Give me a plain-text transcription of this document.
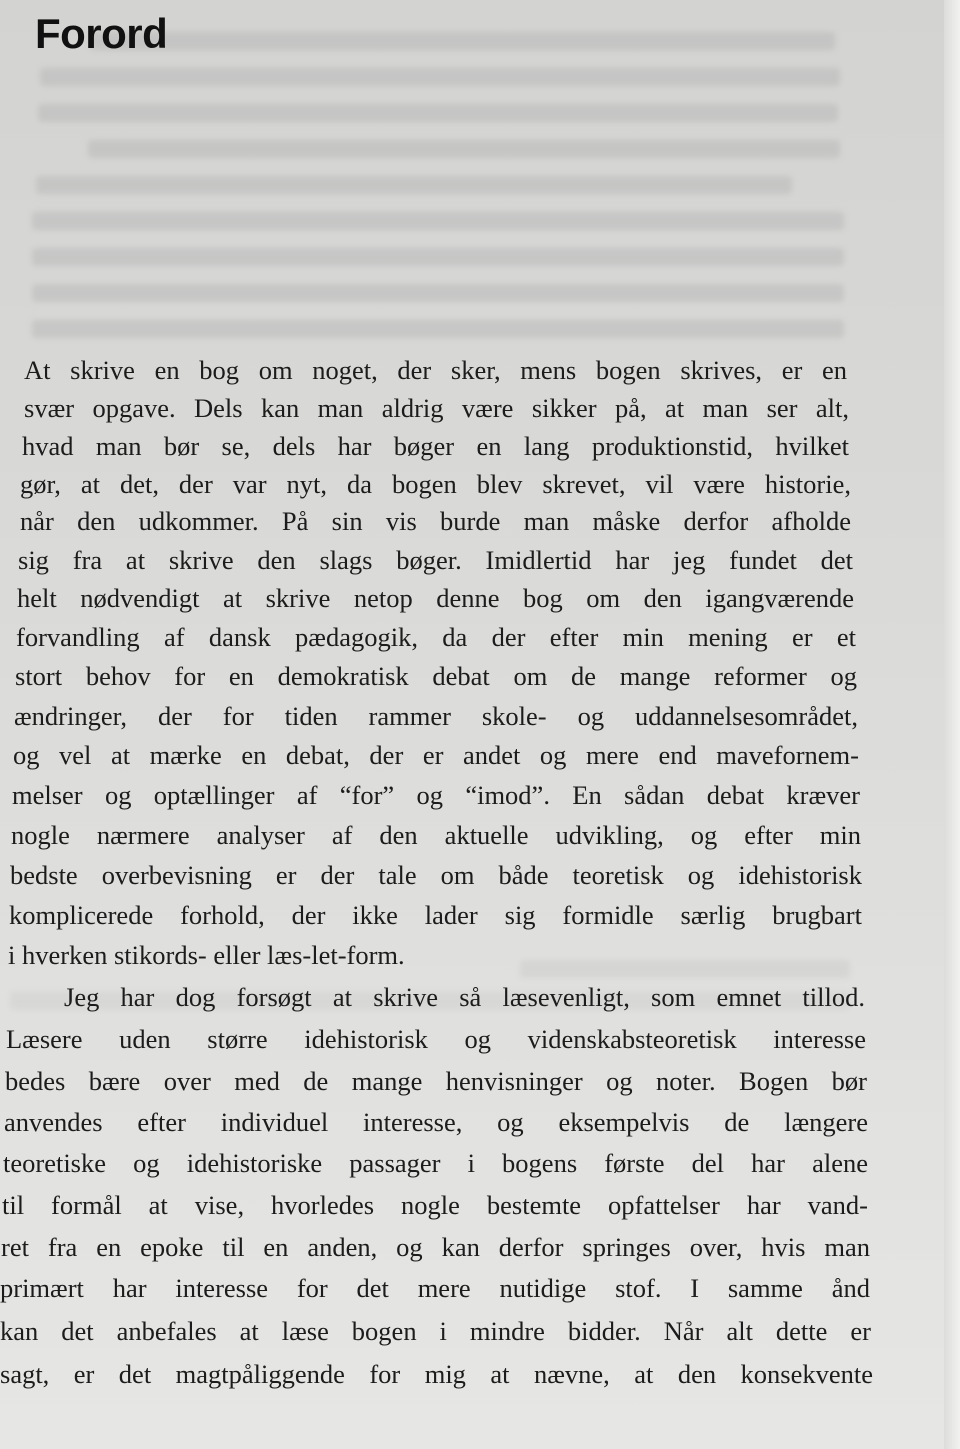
Forord
At skrive en bog om noget, der sker, mens bogen skrives, er en
svær opgave. Dels kan man aldrig være sikker på, at man ser alt,
hvad man bør se, dels har bøger en lang produktionstid, hvilket
gør, at det, der var nyt, da bogen blev skrevet, vil være historie,
når den udkommer. På sin vis burde man måske derfor afholde
sig fra at skrive den slags bøger. Imidlertid har jeg fundet det
helt nødvendigt at skrive netop denne bog om den igangværende
forvandling af dansk pædagogik, da der efter min mening er et
stort behov for en demokratisk debat om de mange reformer og
ændringer, der for tiden rammer skole- og uddannelsesområdet,
og vel at mærke en debat, der er andet og mere end mavefornem-
melser og optællinger af “for” og “imod”. En sådan debat kræver
nogle nærmere analyser af den aktuelle udvikling, og efter min
bedste overbevisning er der tale om både teoretisk og idehistorisk
komplicerede forhold, der ikke lader sig formidle særlig brugbart
i hverken stikords- eller læs-let-form.
Jeg har dog forsøgt at skrive så læsevenligt, som emnet tillod.
Læsere uden større idehistorisk og videnskabsteoretisk interesse
bedes bære over med de mange henvisninger og noter. Bogen bør
anvendes efter individuel interesse, og eksempelvis de længere
teoretiske og idehistoriske passager i bogens første del har alene
til formål at vise, hvorledes nogle bestemte opfattelser har vand-
ret fra en epoke til en anden, og kan derfor springes over, hvis man
primært har interesse for det mere nutidige stof. I samme ånd
kan det anbefales at læse bogen i mindre bidder. Når alt dette er
sagt, er det magtpåliggende for mig at nævne, at den konsekvente
